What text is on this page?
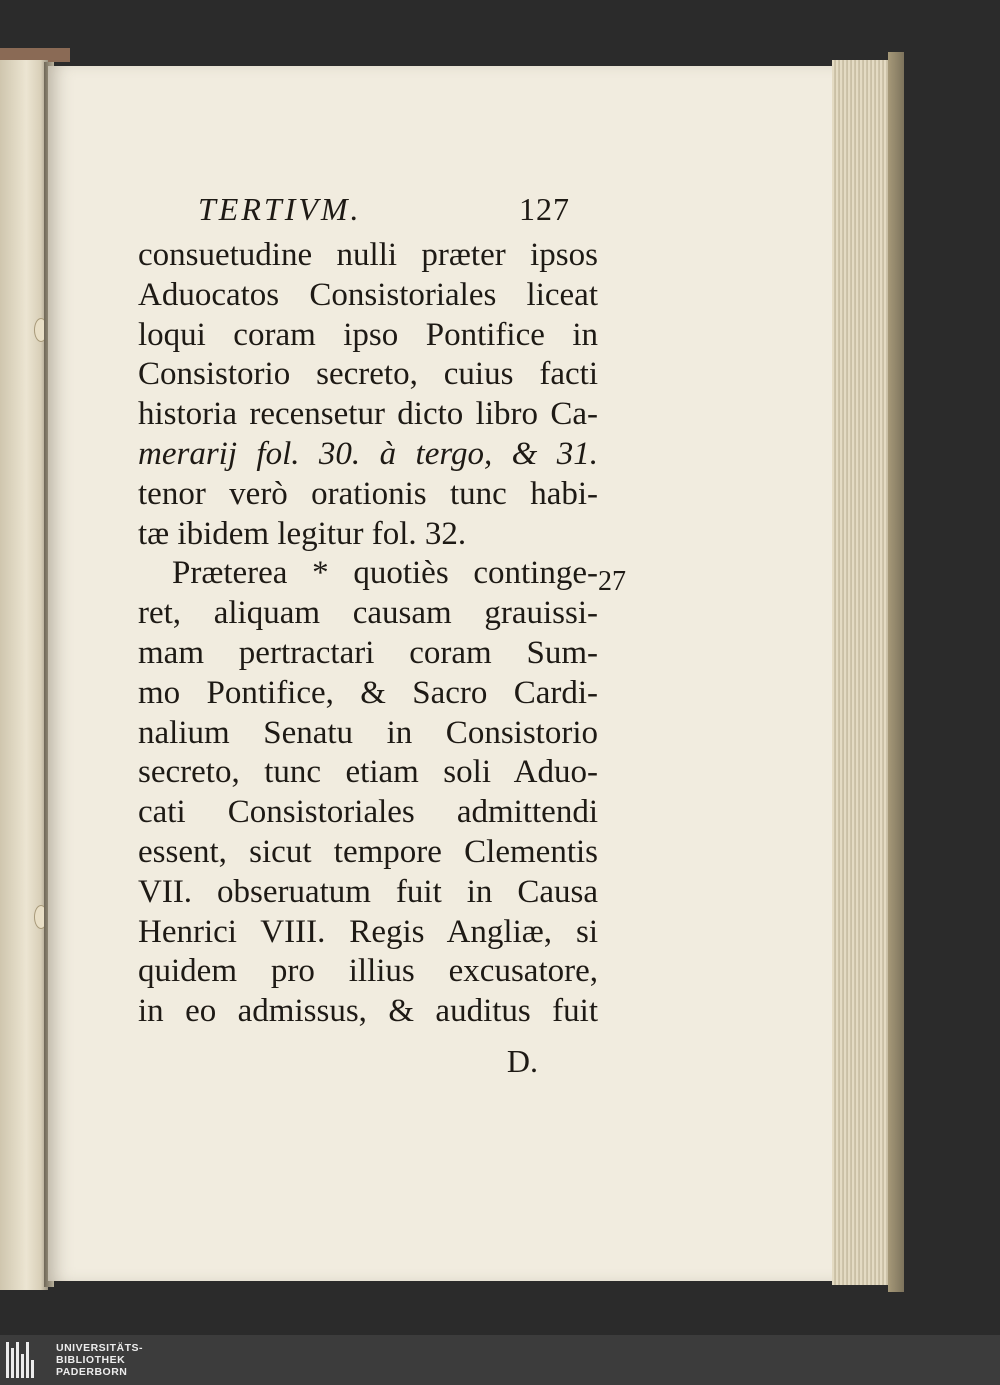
TERTIVM.	127
consuetudine nulli præter ipsos
Aduocatos Consistoriales liceat
loqui coram ipso Pontifice in
Consistorio secreto, cuius facti
historia recensetur dicto libro Ca-
merarij fol. 30. à tergo, & 31.
tenor verò orationis tunc habi-
tæ ibidem legitur fol. 32.
Præterea * quotiès continge-
ret, aliquam causam grauissi-
mam pertractari coram Sum-
mo Pontifice, & Sacro Cardi-
nalium Senatu in Consistorio
secreto, tunc etiam soli Aduo-
cati Consistoriales admittendi
essent, sicut tempore Clementis
VII. obseruatum fuit in Causa
Henrici VIII. Regis Angliæ, si
quidem pro illius excusatore,
in eo admissus, & auditus fuit
D.
27
UNIVERSITÄTS-
BIBLIOTHEK
PADERBORN
